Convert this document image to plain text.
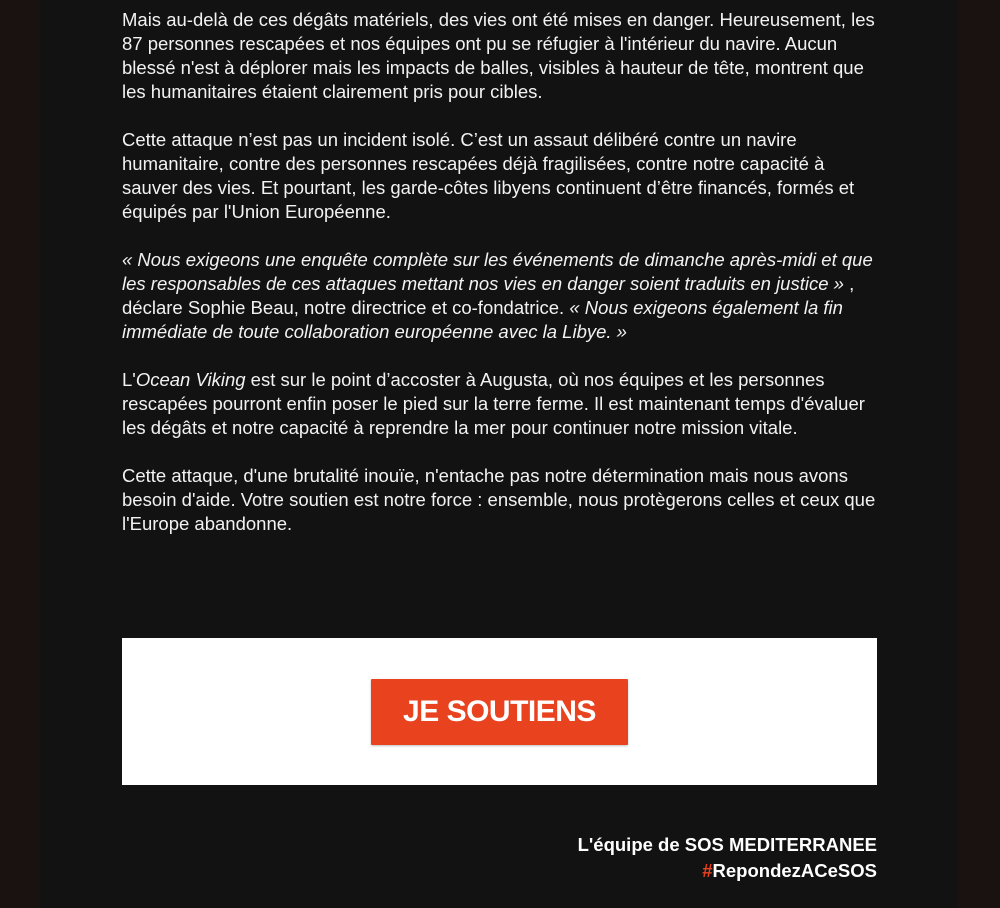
Mais au-delà de ces dégâts matériels, des vies ont été mises en danger. Heureusement, les 87 personnes rescapées et nos équipes ont pu se réfugier à l'intérieur du navire. Aucun blessé n'est à déplorer mais les impacts de balles, visibles à hauteur de tête, montrent que les humanitaires étaient clairement pris pour cibles.

Cette attaque n’est pas un incident isolé. C’est un assaut délibéré contre un navire humanitaire, contre des personnes rescapées déjà fragilisées, contre notre capacité à sauver des vies. Et pourtant, les garde-côtes libyens continuent d’être financés, formés et équipés par l'Union Européenne.

« Nous exigeons une enquête complète sur les événements de dimanche après-midi et que les responsables de ces attaques mettant nos vies en danger soient traduits en justice » , déclare Sophie Beau, notre directrice et co-fondatrice. « Nous exigeons également la fin immédiate de toute collaboration européenne avec la Libye. »

L'Ocean Viking est sur le point d’accoster à Augusta, où nos équipes et les personnes rescapées pourront enfin poser le pied sur la terre ferme. Il est maintenant temps d'évaluer les dégâts et notre capacité à reprendre la mer pour continuer notre mission vitale.

Cette attaque, d'une brutalité inouïe, n'entache pas notre détermination mais nous avons besoin d'aide. Votre soutien est notre force : ensemble, nous protègerons celles et ceux que l'Europe abandonne.

JE SOUTIENS
L'équipe de SOS MEDITERRANEE
#RepondezACeSOS
